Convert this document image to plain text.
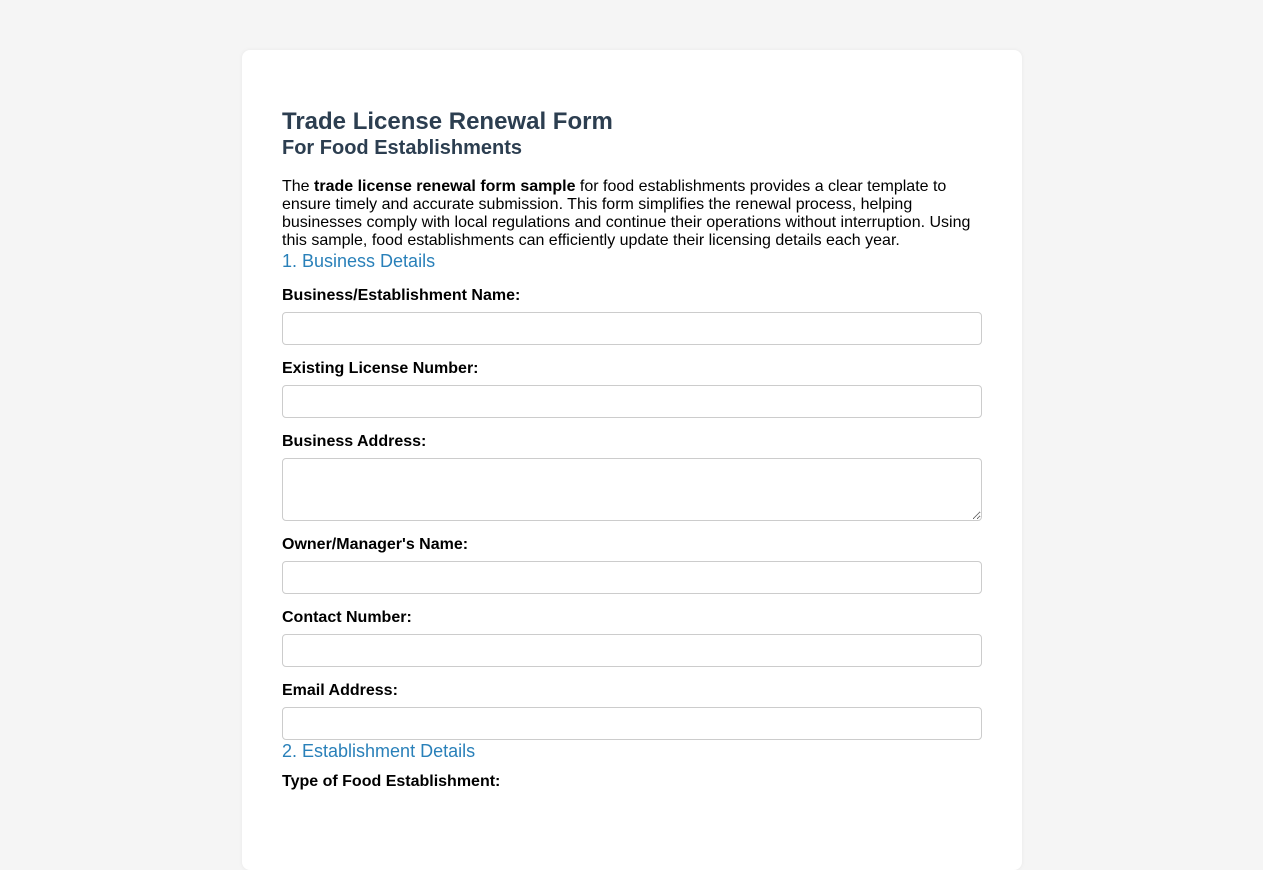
Trade License Renewal Form
For Food Establishments

The trade license renewal form sample for food establishments provides a clear template to ensure timely and accurate submission. This form simplifies the renewal process, helping businesses comply with local regulations and continue their operations without interruption. Using this sample, food establishments can efficiently update their licensing details each year.

1. Business Details
Business/Establishment Name:
Existing License Number:
Business Address:
Owner/Manager's Name:
Contact Number:
Email Address:
2. Establishment Details
Type of Food Establishment:
